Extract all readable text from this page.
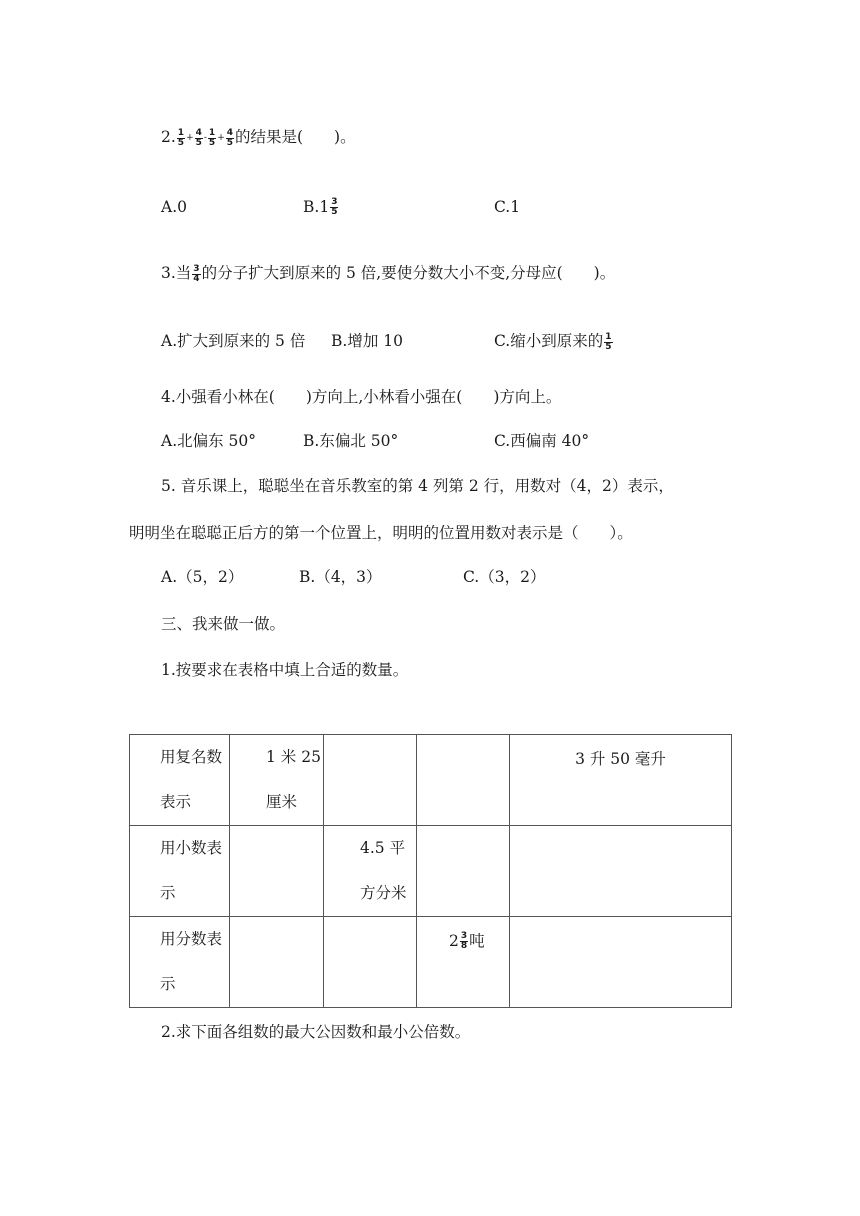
2. $\frac{1}{5} + \frac{4}{5} - \frac{1}{5} + \frac{4}{5}$ 的结果是(　　)。
A.0	B. $1 \frac{3}{5}$	C.1
3.当 $\frac{3}{4}$ 的分子扩大到原来的 5 倍,要使分数大小不变,分母应(　　)。
A.扩大到原来的 5 倍 B.增加 10	C.缩小到原来的 $\frac{1}{5}$
4.小强看小林在(　　)方向上,小林看小强在(　　)方向上。
A.北偏东 50°	B.东偏北 50°	C.西偏南 40°
5. 音乐课上，聪聪坐在音乐教室的第 4 列第 2 行，用数对（4，2）表示，
明明坐在聪聪正后方的第一个位置上，明明的位置用数对表示是（　　）。
A.（5，2）	B.（4，3）	C.（3，2）
三、我来做一做。
1.按要求在表格中填上合适的数量。
用复名数表示	1 米 25 厘米			3 升 50 毫升

用小数表示		4.5 平方分米		

用分数表示			$2 \frac{3}{8}$ 吨	

2.求下面各组数的最大公因数和最小公倍数。
